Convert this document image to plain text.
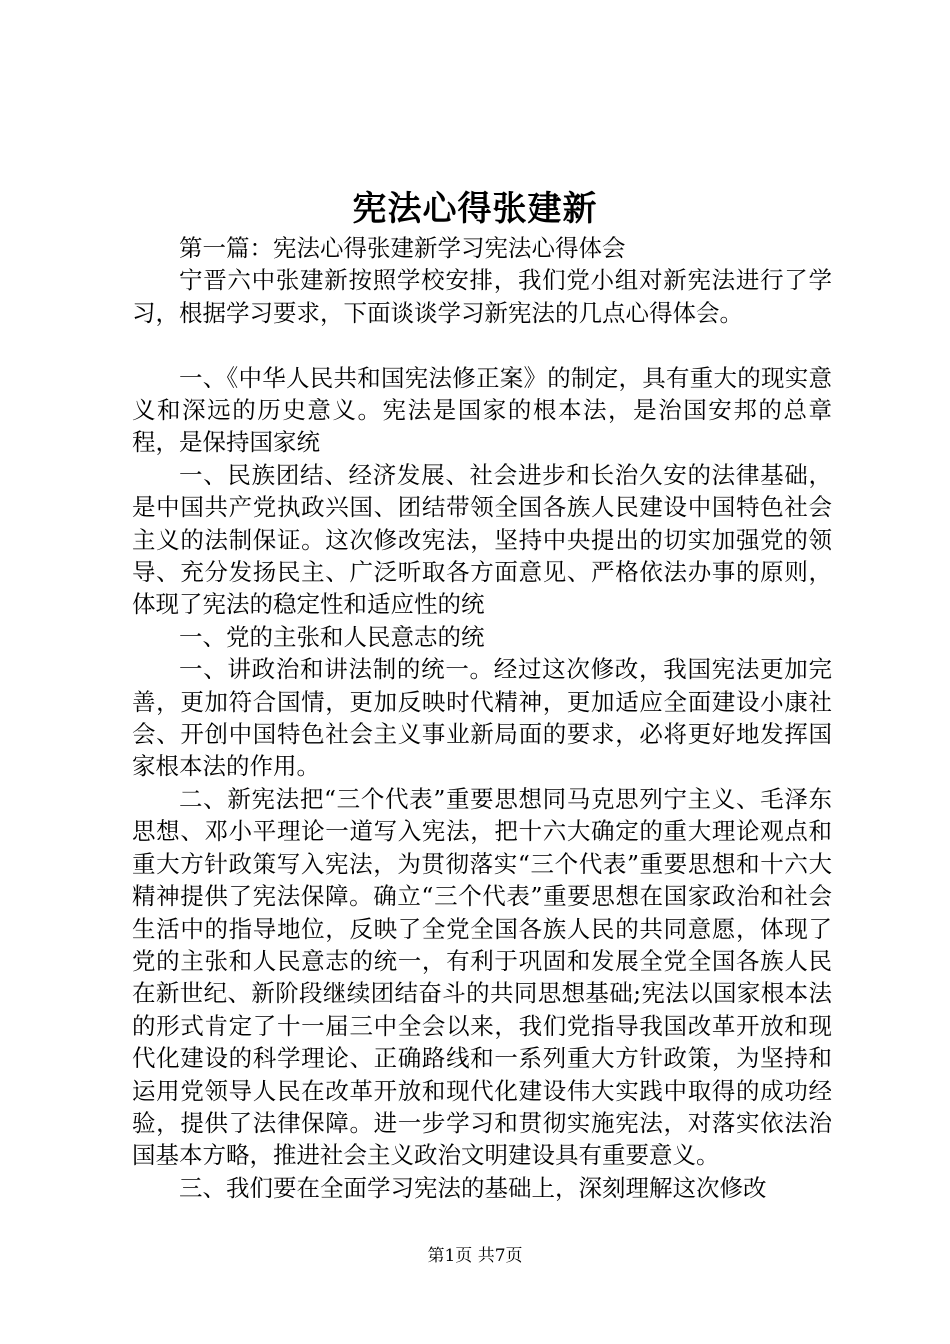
宪法心得张建新

第一篇：宪法心得张建新学习宪法心得体会

宁晋六中张建新按照学校安排，我们党小组对新宪法进行了学习，根据学习要求，下面谈谈学习新宪法的几点心得体会。

一、《中华人民共和国宪法修正案》的制定，具有重大的现实意义和深远的历史意义。宪法是国家的根本法，是治国安邦的总章程，是保持国家统

一、民族团结、经济发展、社会进步和长治久安的法律基础，是中国共产党执政兴国、团结带领全国各族人民建设中国特色社会主义的法制保证。这次修改宪法，坚持中央提出的切实加强党的领导、充分发扬民主、广泛听取各方面意见、严格依法办事的原则，体现了宪法的稳定性和适应性的统

一、党的主张和人民意志的统

一、讲政治和讲法制的统一。经过这次修改，我国宪法更加完善，更加符合国情，更加反映时代精神，更加适应全面建设小康社会、开创中国特色社会主义事业新局面的要求，必将更好地发挥国家根本法的作用。

二、新宪法把“三个代表”重要思想同马克思列宁主义、毛泽东思想、邓小平理论一道写入宪法，把十六大确定的重大理论观点和重大方针政策写入宪法，为贯彻落实“三个代表”重要思想和十六大精神提供了宪法保障。确立“三个代表”重要思想在国家政治和社会生活中的指导地位，反映了全党全国各族人民的共同意愿，体现了党的主张和人民意志的统一，有利于巩固和发展全党全国各族人民在新世纪、新阶段继续团结奋斗的共同思想基础;宪法以国家根本法的形式肯定了十一届三中全会以来，我们党指导我国改革开放和现代化建设的科学理论、正确路线和一系列重大方针政策，为坚持和运用党领导人民在改革开放和现代化建设伟大实践中取得的成功经验，提供了法律保障。进一步学习和贯彻实施宪法，对落实依法治国基本方略，推进社会主义政治文明建设具有重要意义。

三、我们要在全面学习宪法的基础上，深刻理解这次修改

第1页 共7页
